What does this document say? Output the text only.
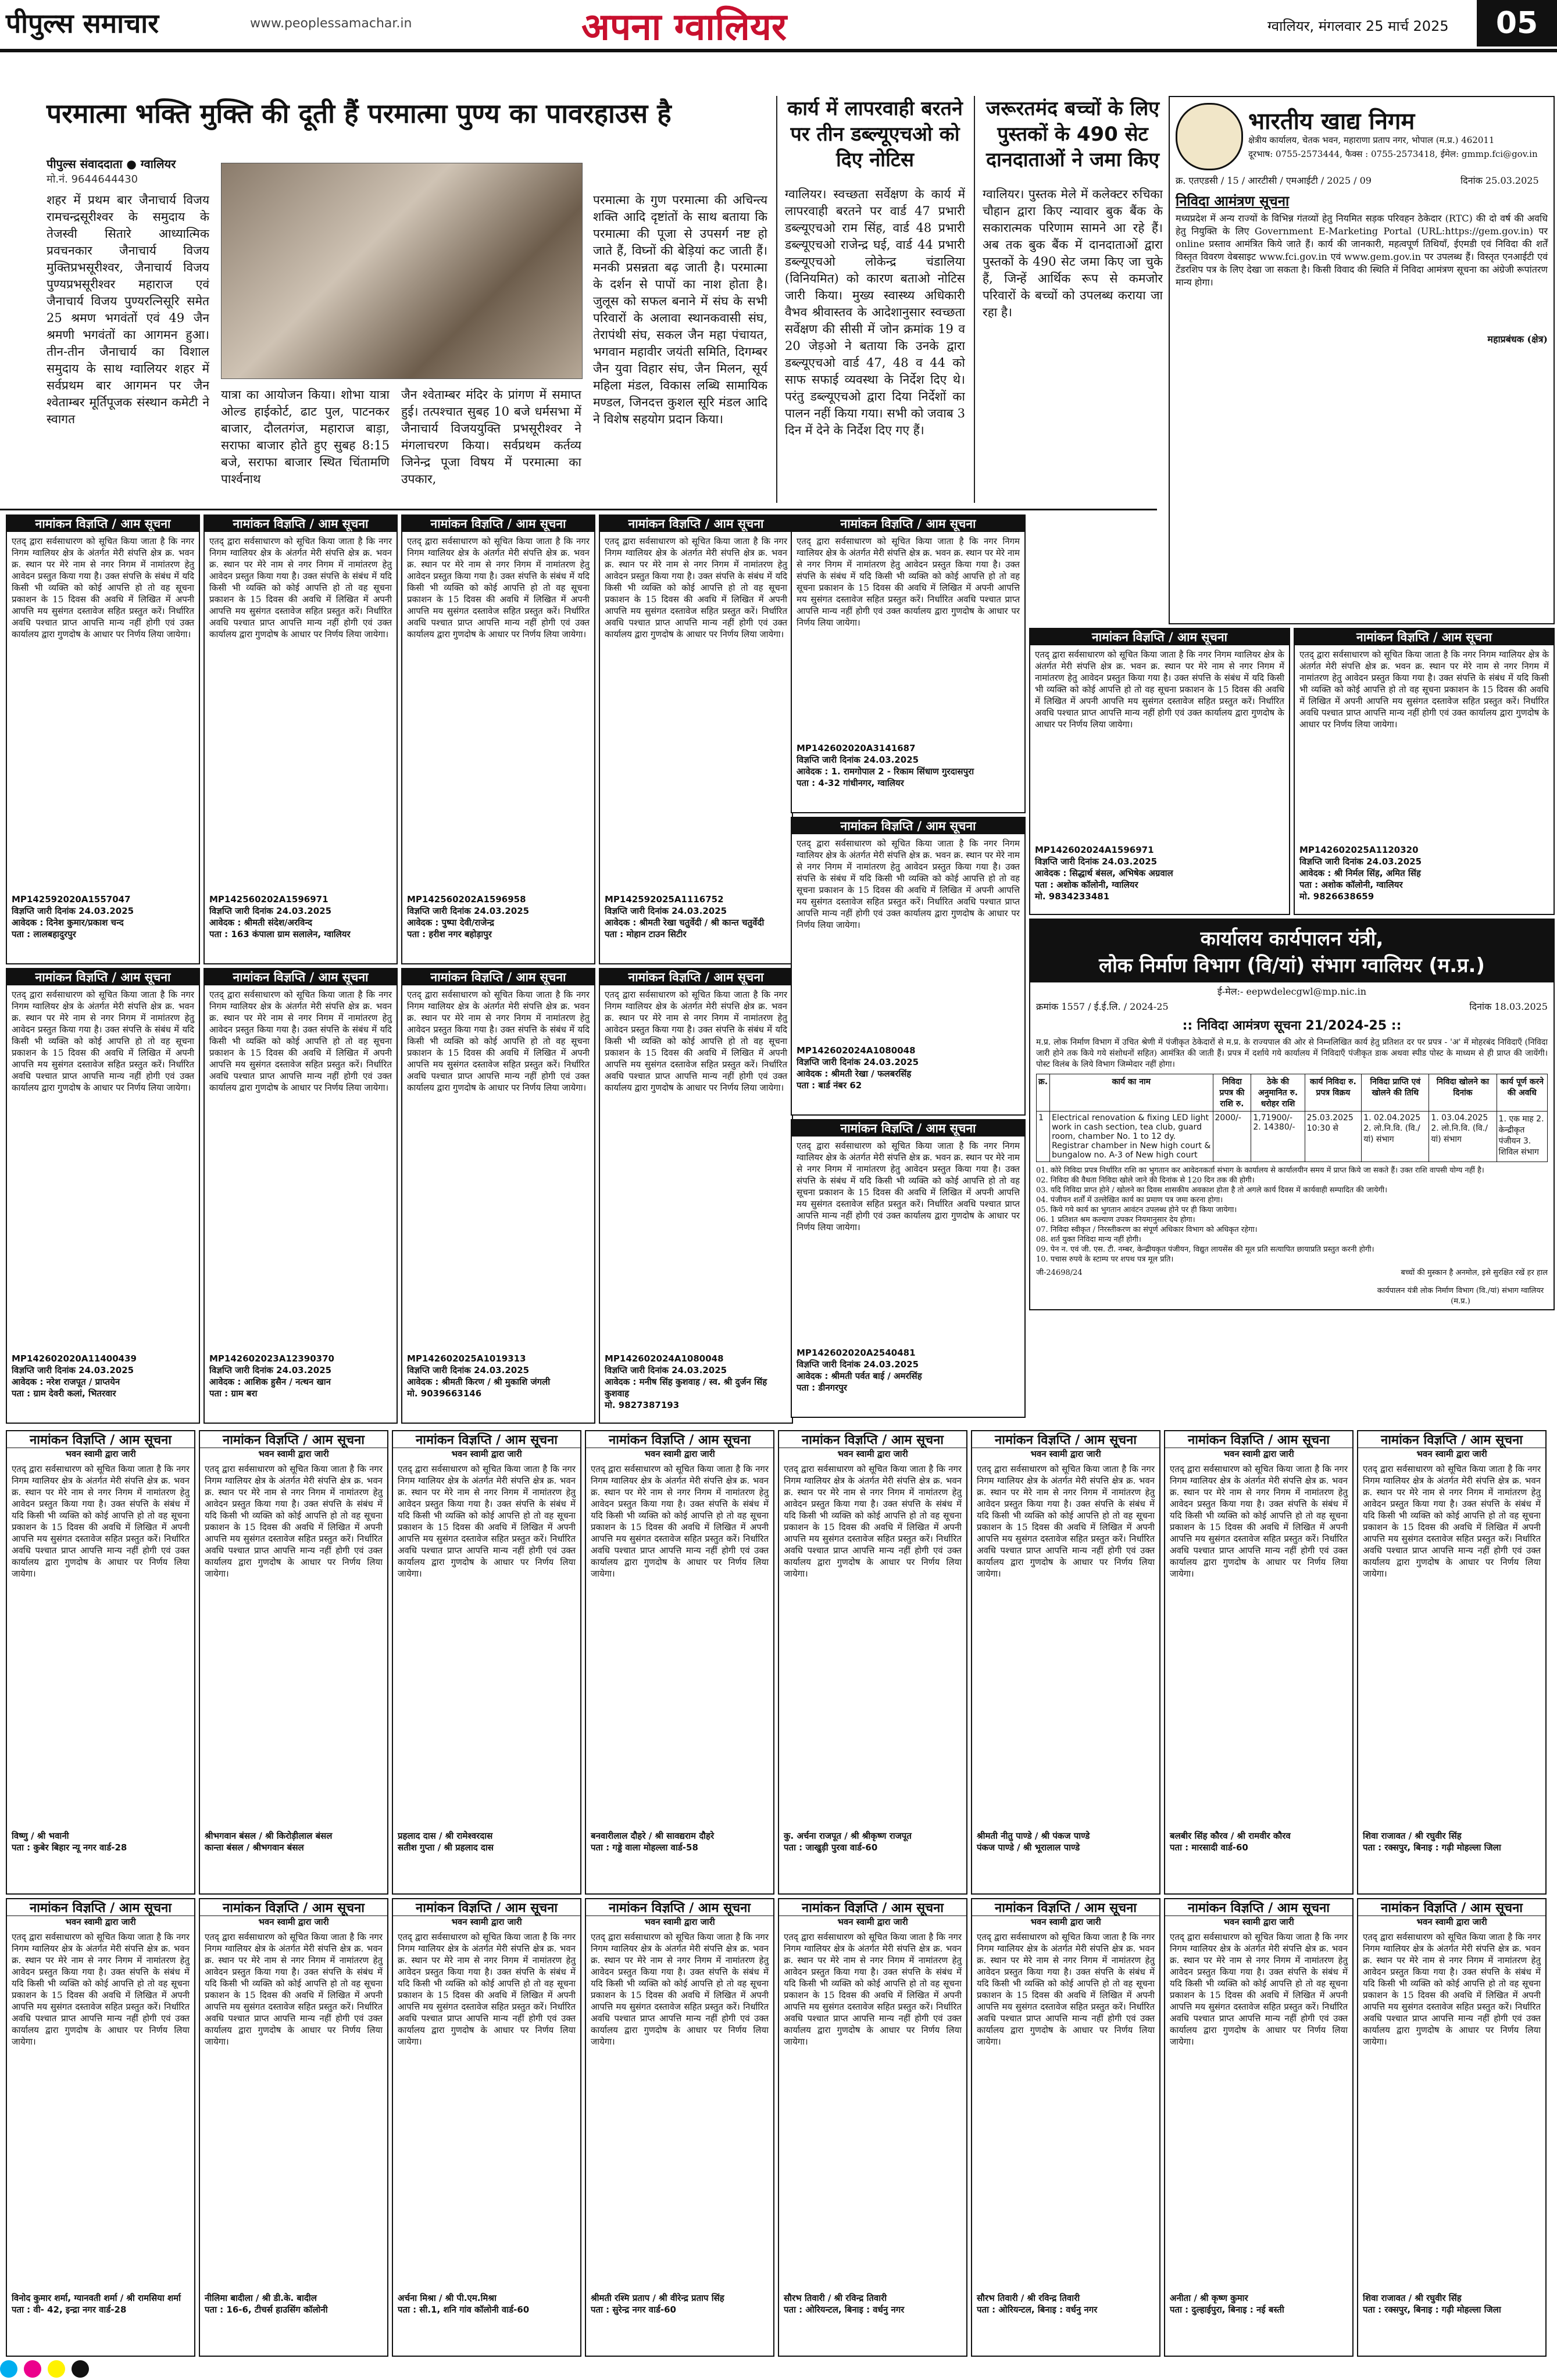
पीपुल्स समाचार	www.peoplessamachar.in	अपना ग्वालियर	ग्वालियर, मंगलवार 25 मार्च 2025	05
परमात्मा भक्ति मुक्ति की दूती हैं परमात्मा पुण्य का पावरहाउस है
पीपुल्स संवाददाता ● ग्वालियर
मो.नं. 9644644430
शहर में प्रथम बार जैनाचार्य विजय रामचन्द्रसूरीश्वर के समुदाय के तेजस्वी सितारे आध्यात्मिक प्रवचनकार जैनाचार्य विजय मुक्तिप्रभसूरीश्वर, जैनाचार्य विजय पुण्यप्रभसूरीश्वर महाराज एवं जैनाचार्य विजय पुण्यरत्निसूरि समेत 25 श्रमण भगवंतों एवं 49 जैन श्रमणी भगवंतों का आगमन हुआ। तीन-तीन जैनाचार्य का विशाल समुदाय के साथ ग्वालियर शहर में सर्वप्रथम बार आगमन पर जैन श्वेताम्बर मूर्तिपूजक संस्थान कमेटी ने स्वागत
यात्रा का आयोजन किया। शोभा यात्रा ओल्ड हाईकोर्ट, ढाट पुल, पाटनकर बाजार, दौलतगंज, महाराज बाड़ा, सराफा बाजार होते हुए सुबह 8:15 बजे, सराफा बाजार स्थित चिंतामणि पार्श्वनाथ
जैन श्वेताम्बर मंदिर के प्रांगण में समाप्त हुई। तत्पश्चात सुबह 10 बजे धर्मसभा में जैनाचार्य विजययुक्ति प्रभसूरीश्वर ने मंगलाचरण किया। सर्वप्रथम कर्तव्य जिनेन्द्र पूजा विषय में परमात्मा का उपकार,
परमात्मा के गुण परमात्मा की अचिन्त्य शक्ति आदि दृष्टांतों के साथ बताया कि परमात्मा की पूजा से उपसर्ग नष्ट हो जाते हैं, विघ्नों की बेड़ियां कट जाती हैं। मनकी प्रसन्नता बढ़ जाती है। परमात्मा के दर्शन से पापों का नाश होता है। जुलूस को सफल बनाने में संघ के सभी परिवारों के अलावा स्थानकवासी संघ, तेरापंथी संघ, सकल जैन महा पंचायत, भगवान महावीर जयंती समिति, दिगम्बर जैन युवा विहार संघ, जैन मिलन, सूर्य महिला मंडल, विकास लब्धि सामायिक मण्डल, जिनदत्त कुशल सूरि मंडल आदि ने विशेष सहयोग प्रदान किया।
कार्य में लापरवाही बरतने पर तीन डब्ल्यूएचओ को दिए नोटिस
ग्वालियर। स्वच्छता सर्वेक्षण के कार्य में लापरवाही बरतने पर वार्ड 47 प्रभारी डब्ल्यूएचओ राम सिंह, वार्ड 48 प्रभारी डब्ल्यूएचओ राजेन्द्र घई, वार्ड 44 प्रभारी डब्ल्यूएचओ लोकेन्द्र चंडालिया (विनियमित) को कारण बताओ नोटिस जारी किया। मुख्य स्वास्थ्य अधिकारी वैभव श्रीवास्तव के आदेशानुसार स्वच्छता सर्वेक्षण की सीसी में जोन क्रमांक 19 व 20 जेड़ओ ने बताया कि उनके द्वारा डब्ल्यूएचओ वार्ड 47, 48 व 44 को साफ सफाई व्यवस्था के निर्देश दिए थे। परंतु डब्ल्यूएचओ द्वारा दिया निर्देशों का पालन नहीं किया गया। सभी को जवाब 3 दिन में देने के निर्देश दिए गए हैं।
जरूरतमंद बच्चों के लिए पुस्तकों के 490 सेट दानदाताओं ने जमा किए
ग्वालियर। पुस्तक मेले में कलेक्टर रुचिका चौहान द्वारा किए न्यावार बुक बैंक के सकारात्मक परिणाम सामने आ रहे हैं। अब तक बुक बैंक में दानदाताओं द्वारा पुस्तकों के 490 सेट जमा किए जा चुके हैं, जिन्हें आर्थिक रूप से कमजोर परिवारों के बच्चों को उपलब्ध कराया जा रहा है।
भारतीय खाद्य निगम
क्षेत्रीय कार्यालय, चेतक भवन, महाराणा प्रताप नगर, भोपाल (म.प्र.) 462011
दूरभाष: 0755-2573444, फैक्स : 0755-2573418, ईमेल: gmmp.fci@gov.in
क्र. एतएडसी / 15 / आरटीसी / एमआईटी / 2025 / 09	दिनांक 25.03.2025
निविदा आमंत्रण सूचना
मध्यप्रदेश में अन्य राज्यों के विभिन्न गंतव्यों हेतु नियमित सड़क परिवहन ठेकेदार (RTC) की दो वर्ष की अवधि हेतु नियुक्ति के लिए Government E-Marketing Portal (URL:https://gem.gov.in) पर online प्रस्ताव आमंत्रित किये जाते हैं। कार्य की जानकारी, महत्वपूर्ण तिथियाँ, ईएमडी एवं निविदा की शर्तें विस्तृत विवरण वेबसाइट www.fci.gov.in एवं www.gem.gov.in पर उपलब्ध हैं। विस्तृत एनआईटी एवं टेंडरशिप पत्र के लिए देखा जा सकता है। किसी विवाद की स्थिति में निविदा आमंत्रण सूचना का अंग्रेजी रूपांतरण मान्य होगा।
महाप्रबंधक (क्षेत्र)
कार्यालय कार्यपालन यंत्री,
लोक निर्माण विभाग (वि/यां) संभाग ग्वालियर (म.प्र.)
ई-मेल:- eepwdelecgwl@mp.nic.in
क्रमांक 1557 / ई.ई.लि. / 2024-25	दिनांक 18.03.2025
:: निविदा आमंत्रण सूचना 21/2024-25 ::
म.प्र. लोक निर्माण विभाग में उचित श्रेणी में पंजीकृत ठेकेदारों से म.प्र. के राज्यपाल की ओर से निम्नलिखित कार्य हेतु प्रतिशत दर पर प्रपत्र - 'अ' में मोहरबंद निविदाएँ (निविदा जारी होने तक किये गये संशोधनों सहित) आमंत्रित की जाती हैं। प्रपत्र में दर्शाये गये कार्यालय में निविदाएँ पंजीकृत डाक अथवा स्पीड पोस्ट के माध्यम से ही प्राप्त की जायेंगी। पोस्ट विलंब के लिये विभाग जिम्मेदार नहीं होगा।
क्र.	कार्य का नाम	निविदा प्रपत्र की राशि रु.	ठेके की अनुमानित रु. धरोहर राशि	कार्य निविदा रु. प्रपत्र विक्रय	निविदा प्राप्ति एवं खोलने की तिथि	निविदा खोलने का दिनांक	कार्य पूर्ण करने की अवधि
1	Electrical renovation & fixing LED light work in cash section, tea club, guard room, chamber No. 1 to 12 dy. Registrar chamber in New high court & bungalow no. A-3 of New high court	2000/-	1,71900/- 2. 14380/-	25.03.2025 10:30 से	1. 02.04.2025 2. लो.नि.वि. (वि./ यां) संभाग	1. 03.04.2025 2. लो.नि.वि. (वि./ यां) संभाग	1. एक माह 2. केन्द्रीकृत पंजीयन 3. शिविल संभाग
01. कोरे निविदा प्रपत्र निर्धारित राशि का भुगतान कर आवेदनकर्ता संभाग के कार्यालय से कार्यालयीन समय में प्राप्त किये जा सकते हैं। उक्त राशि वापसी योग्य नहीं है।
02. निविदा की वैधता निविदा खोले जाने की दिनांक से 120 दिन तक की होगी।
03. यदि निविदा प्राप्त होने / खोलने का दिवस शासकीय अवकाश होता है तो अगले कार्य दिवस में कार्यवाही सम्पादित की जायेगी।
04. पंजीयन शर्तों में उल्लेखित कार्य का प्रमाण पत्र जमा करना होगा।
05. किये गये कार्य का भुगतान आवंटन उपलब्ध होने पर ही किया जायेगा।
06. 1 प्रतिशत श्रम कल्याण उपकर नियमानुसार देय होगा।
07. निविदा स्वीकृत / निरस्तीकरण का संपूर्ण अधिकार विभाग को अधिकृत रहेगा।
08. शर्त युक्त निविदा मान्य नहीं होगी।
09. पेन न. एवं जी. एस. टी. नम्बर, केन्द्रीयकृत पंजीयन, विद्युत लायसेंस की मूल प्रति सत्यापित छायाप्रति प्रस्तुत करनी होगी।
10. पचास रुपये के स्टाम्प पर शपथ पत्र मूल प्रति।
जी-24698/24	बच्चों की मुस्कान है अनमोल, इसे सुरक्षित रखें हर हाल
कार्यपालन यंत्री लोक निर्माण विभाग (वि./यां) संभाग ग्वालियर (म.प्र.)

नामांकन विज्ञप्ति / आम सूचना
एतद् द्वारा सर्वसाधारण को सूचित किया जाता है कि नगर निगम ग्वालियर क्षेत्र के अंतर्गत मेरी संपत्ति क्षेत्र क्र. भवन क्र. स्थान पर मेरे नाम से नगर निगम में नामांतरण हेतु आवेदन प्रस्तुत किया गया है। उक्त संपत्ति के संबंध में यदि किसी भी व्यक्ति को कोई आपत्ति हो तो वह सूचना प्रकाशन के 15 दिवस की अवधि में लिखित में अपनी आपत्ति मय सुसंगत दस्तावेज सहित प्रस्तुत करें। निर्धारित अवधि पश्चात प्राप्त आपत्ति मान्य नहीं होगी एवं उक्त कार्यालय द्वारा गुणदोष के आधार पर निर्णय लिया जायेगा।
MP142592020A1557047
विज्ञप्ति जारी दिनांक 24.03.2025
आवेदक : दिनेश कुमार/प्रकाश चन्द
पता : लालबहादुरपुर
नामांकन विज्ञप्ति / आम सूचना
एतद् द्वारा सर्वसाधारण को सूचित किया जाता है कि नगर निगम ग्वालियर क्षेत्र के अंतर्गत मेरी संपत्ति क्षेत्र क्र. भवन क्र. स्थान पर मेरे नाम से नगर निगम में नामांतरण हेतु आवेदन प्रस्तुत किया गया है। उक्त संपत्ति के संबंध में यदि किसी भी व्यक्ति को कोई आपत्ति हो तो वह सूचना प्रकाशन के 15 दिवस की अवधि में लिखित में अपनी आपत्ति मय सुसंगत दस्तावेज सहित प्रस्तुत करें। निर्धारित अवधि पश्चात प्राप्त आपत्ति मान्य नहीं होगी एवं उक्त कार्यालय द्वारा गुणदोष के आधार पर निर्णय लिया जायेगा।
MP142560202A1596971
विज्ञप्ति जारी दिनांक 24.03.2025
आवेदक : श्रीमती संदेश/अरविन्द
पता : 163 कंपाला ग्राम सलालेन, ग्वालियर
नामांकन विज्ञप्ति / आम सूचना
एतद् द्वारा सर्वसाधारण को सूचित किया जाता है कि नगर निगम ग्वालियर क्षेत्र के अंतर्गत मेरी संपत्ति क्षेत्र क्र. भवन क्र. स्थान पर मेरे नाम से नगर निगम में नामांतरण हेतु आवेदन प्रस्तुत किया गया है। उक्त संपत्ति के संबंध में यदि किसी भी व्यक्ति को कोई आपत्ति हो तो वह सूचना प्रकाशन के 15 दिवस की अवधि में लिखित में अपनी आपत्ति मय सुसंगत दस्तावेज सहित प्रस्तुत करें। निर्धारित अवधि पश्चात प्राप्त आपत्ति मान्य नहीं होगी एवं उक्त कार्यालय द्वारा गुणदोष के आधार पर निर्णय लिया जायेगा।
MP142560202A1596958
विज्ञप्ति जारी दिनांक 24.03.2025
आवेदक : पुष्पा देवी/राजेन्द्र
पता : हरीश नगर बहोड़ापुर
नामांकन विज्ञप्ति / आम सूचना
एतद् द्वारा सर्वसाधारण को सूचित किया जाता है कि नगर निगम ग्वालियर क्षेत्र के अंतर्गत मेरी संपत्ति क्षेत्र क्र. भवन क्र. स्थान पर मेरे नाम से नगर निगम में नामांतरण हेतु आवेदन प्रस्तुत किया गया है। उक्त संपत्ति के संबंध में यदि किसी भी व्यक्ति को कोई आपत्ति हो तो वह सूचना प्रकाशन के 15 दिवस की अवधि में लिखित में अपनी आपत्ति मय सुसंगत दस्तावेज सहित प्रस्तुत करें। निर्धारित अवधि पश्चात प्राप्त आपत्ति मान्य नहीं होगी एवं उक्त कार्यालय द्वारा गुणदोष के आधार पर निर्णय लिया जायेगा।
MP142592025A1116752
विज्ञप्ति जारी दिनांक 24.03.2025
आवेदक : श्रीमती रेखा चतुर्वेदी / श्री कान्त चतुर्वेदी
पता : मोहान टाउन सिटीर
नामांकन विज्ञप्ति / आम सूचना
एतद् द्वारा सर्वसाधारण को सूचित किया जाता है कि नगर निगम ग्वालियर क्षेत्र के अंतर्गत मेरी संपत्ति क्षेत्र क्र. भवन क्र. स्थान पर मेरे नाम से नगर निगम में नामांतरण हेतु आवेदन प्रस्तुत किया गया है। उक्त संपत्ति के संबंध में यदि किसी भी व्यक्ति को कोई आपत्ति हो तो वह सूचना प्रकाशन के 15 दिवस की अवधि में लिखित में अपनी आपत्ति मय सुसंगत दस्तावेज सहित प्रस्तुत करें। निर्धारित अवधि पश्चात प्राप्त आपत्ति मान्य नहीं होगी एवं उक्त कार्यालय द्वारा गुणदोष के आधार पर निर्णय लिया जायेगा।
MP142602020A11400439
विज्ञप्ति जारी दिनांक 24.03.2025
आवेदक : नरेश राजपूत / प्राप्तयेन
पता : ग्राम देवरी कलां, भितरवार
नामांकन विज्ञप्ति / आम सूचना
एतद् द्वारा सर्वसाधारण को सूचित किया जाता है कि नगर निगम ग्वालियर क्षेत्र के अंतर्गत मेरी संपत्ति क्षेत्र क्र. भवन क्र. स्थान पर मेरे नाम से नगर निगम में नामांतरण हेतु आवेदन प्रस्तुत किया गया है। उक्त संपत्ति के संबंध में यदि किसी भी व्यक्ति को कोई आपत्ति हो तो वह सूचना प्रकाशन के 15 दिवस की अवधि में लिखित में अपनी आपत्ति मय सुसंगत दस्तावेज सहित प्रस्तुत करें। निर्धारित अवधि पश्चात प्राप्त आपत्ति मान्य नहीं होगी एवं उक्त कार्यालय द्वारा गुणदोष के आधार पर निर्णय लिया जायेगा।
MP142602023A12390370
विज्ञप्ति जारी दिनांक 24.03.2025
आवेदक : आशिक हुसैन / नत्थन खान
पता : ग्राम बरा
नामांकन विज्ञप्ति / आम सूचना
एतद् द्वारा सर्वसाधारण को सूचित किया जाता है कि नगर निगम ग्वालियर क्षेत्र के अंतर्गत मेरी संपत्ति क्षेत्र क्र. भवन क्र. स्थान पर मेरे नाम से नगर निगम में नामांतरण हेतु आवेदन प्रस्तुत किया गया है। उक्त संपत्ति के संबंध में यदि किसी भी व्यक्ति को कोई आपत्ति हो तो वह सूचना प्रकाशन के 15 दिवस की अवधि में लिखित में अपनी आपत्ति मय सुसंगत दस्तावेज सहित प्रस्तुत करें। निर्धारित अवधि पश्चात प्राप्त आपत्ति मान्य नहीं होगी एवं उक्त कार्यालय द्वारा गुणदोष के आधार पर निर्णय लिया जायेगा।
MP142602025A1019313
विज्ञप्ति जारी दिनांक 24.03.2025
आवेदक : श्रीमती किरण / श्री मुकाशि जंगली
मो. 9039663146
नामांकन विज्ञप्ति / आम सूचना
एतद् द्वारा सर्वसाधारण को सूचित किया जाता है कि नगर निगम ग्वालियर क्षेत्र के अंतर्गत मेरी संपत्ति क्षेत्र क्र. भवन क्र. स्थान पर मेरे नाम से नगर निगम में नामांतरण हेतु आवेदन प्रस्तुत किया गया है। उक्त संपत्ति के संबंध में यदि किसी भी व्यक्ति को कोई आपत्ति हो तो वह सूचना प्रकाशन के 15 दिवस की अवधि में लिखित में अपनी आपत्ति मय सुसंगत दस्तावेज सहित प्रस्तुत करें। निर्धारित अवधि पश्चात प्राप्त आपत्ति मान्य नहीं होगी एवं उक्त कार्यालय द्वारा गुणदोष के आधार पर निर्णय लिया जायेगा।
MP142602024A1080048
विज्ञप्ति जारी दिनांक 24.03.2025
आवेदक : मनीष सिंह कुशवाह / स्व. श्री दुर्जन सिंह कुशवाह
मो. 9827387193
नामांकन विज्ञप्ति / आम सूचना
एतद् द्वारा सर्वसाधारण को सूचित किया जाता है कि नगर निगम ग्वालियर क्षेत्र के अंतर्गत मेरी संपत्ति क्षेत्र क्र. भवन क्र. स्थान पर मेरे नाम से नगर निगम में नामांतरण हेतु आवेदन प्रस्तुत किया गया है। उक्त संपत्ति के संबंध में यदि किसी भी व्यक्ति को कोई आपत्ति हो तो वह सूचना प्रकाशन के 15 दिवस की अवधि में लिखित में अपनी आपत्ति मय सुसंगत दस्तावेज सहित प्रस्तुत करें। निर्धारित अवधि पश्चात प्राप्त आपत्ति मान्य नहीं होगी एवं उक्त कार्यालय द्वारा गुणदोष के आधार पर निर्णय लिया जायेगा।
MP142602020A3141687
विज्ञप्ति जारी दिनांक 24.03.2025
आवेदक : 1. रामगोपाल 2 - रिकाम सिंधाण गुरदासपुरा
पता : 4-32 गांधीनगर, ग्वालियर
नामांकन विज्ञप्ति / आम सूचना
एतद् द्वारा सर्वसाधारण को सूचित किया जाता है कि नगर निगम ग्वालियर क्षेत्र के अंतर्गत मेरी संपत्ति क्षेत्र क्र. भवन क्र. स्थान पर मेरे नाम से नगर निगम में नामांतरण हेतु आवेदन प्रस्तुत किया गया है। उक्त संपत्ति के संबंध में यदि किसी भी व्यक्ति को कोई आपत्ति हो तो वह सूचना प्रकाशन के 15 दिवस की अवधि में लिखित में अपनी आपत्ति मय सुसंगत दस्तावेज सहित प्रस्तुत करें। निर्धारित अवधि पश्चात प्राप्त आपत्ति मान्य नहीं होगी एवं उक्त कार्यालय द्वारा गुणदोष के आधार पर निर्णय लिया जायेगा।
MP142602024A1080048
विज्ञप्ति जारी दिनांक 24.03.2025
आवेदक : श्रीमती रेखा / फलबरसिंह
पता : बार्ड नंबर 62
नामांकन विज्ञप्ति / आम सूचना
एतद् द्वारा सर्वसाधारण को सूचित किया जाता है कि नगर निगम ग्वालियर क्षेत्र के अंतर्गत मेरी संपत्ति क्षेत्र क्र. भवन क्र. स्थान पर मेरे नाम से नगर निगम में नामांतरण हेतु आवेदन प्रस्तुत किया गया है। उक्त संपत्ति के संबंध में यदि किसी भी व्यक्ति को कोई आपत्ति हो तो वह सूचना प्रकाशन के 15 दिवस की अवधि में लिखित में अपनी आपत्ति मय सुसंगत दस्तावेज सहित प्रस्तुत करें। निर्धारित अवधि पश्चात प्राप्त आपत्ति मान्य नहीं होगी एवं उक्त कार्यालय द्वारा गुणदोष के आधार पर निर्णय लिया जायेगा।
MP142602020A2540481
विज्ञप्ति जारी दिनांक 24.03.2025
आवेदक : श्रीमती पर्वत बाई / अमरसिंह
पता : डीनगरपुर
नामांकन विज्ञप्ति / आम सूचना
एतद् द्वारा सर्वसाधारण को सूचित किया जाता है कि नगर निगम ग्वालियर क्षेत्र के अंतर्गत मेरी संपत्ति क्षेत्र क्र. भवन क्र. स्थान पर मेरे नाम से नगर निगम में नामांतरण हेतु आवेदन प्रस्तुत किया गया है। उक्त संपत्ति के संबंध में यदि किसी भी व्यक्ति को कोई आपत्ति हो तो वह सूचना प्रकाशन के 15 दिवस की अवधि में लिखित में अपनी आपत्ति मय सुसंगत दस्तावेज सहित प्रस्तुत करें। निर्धारित अवधि पश्चात प्राप्त आपत्ति मान्य नहीं होगी एवं उक्त कार्यालय द्वारा गुणदोष के आधार पर निर्णय लिया जायेगा।
MP142602024A1596971
विज्ञप्ति जारी दिनांक 24.03.2025
आवेदक : सिद्धार्थ बंसल, अभिषेक अग्रवाल
पता : अशोक कॉलोनी, ग्वालियर
मो. 9834233481
नामांकन विज्ञप्ति / आम सूचना
एतद् द्वारा सर्वसाधारण को सूचित किया जाता है कि नगर निगम ग्वालियर क्षेत्र के अंतर्गत मेरी संपत्ति क्षेत्र क्र. भवन क्र. स्थान पर मेरे नाम से नगर निगम में नामांतरण हेतु आवेदन प्रस्तुत किया गया है। उक्त संपत्ति के संबंध में यदि किसी भी व्यक्ति को कोई आपत्ति हो तो वह सूचना प्रकाशन के 15 दिवस की अवधि में लिखित में अपनी आपत्ति मय सुसंगत दस्तावेज सहित प्रस्तुत करें। निर्धारित अवधि पश्चात प्राप्त आपत्ति मान्य नहीं होगी एवं उक्त कार्यालय द्वारा गुणदोष के आधार पर निर्णय लिया जायेगा।
MP142602025A1120320
विज्ञप्ति जारी दिनांक 24.03.2025
आवेदक : श्री निर्मल सिंह, अमित सिंह
पता : अशोक कॉलोनी, ग्वालियर
मो. 9826638659
नामांकन विज्ञप्ति / आम सूचना
भवन स्वामी द्वारा जारी
एतद् द्वारा सर्वसाधारण को सूचित किया जाता है कि नगर निगम ग्वालियर क्षेत्र के अंतर्गत मेरी संपत्ति क्षेत्र क्र. भवन क्र. स्थान पर मेरे नाम से नगर निगम में नामांतरण हेतु आवेदन प्रस्तुत किया गया है। उक्त संपत्ति के संबंध में यदि किसी भी व्यक्ति को कोई आपत्ति हो तो वह सूचना प्रकाशन के 15 दिवस की अवधि में लिखित में अपनी आपत्ति मय सुसंगत दस्तावेज सहित प्रस्तुत करें। निर्धारित अवधि पश्चात प्राप्त आपत्ति मान्य नहीं होगी एवं उक्त कार्यालय द्वारा गुणदोष के आधार पर निर्णय लिया जायेगा।
विष्णु / श्री भवानी
पता : कुबेर बिहार न्यू नगर वार्ड-28
नामांकन विज्ञप्ति / आम सूचना
भवन स्वामी द्वारा जारी
एतद् द्वारा सर्वसाधारण को सूचित किया जाता है कि नगर निगम ग्वालियर क्षेत्र के अंतर्गत मेरी संपत्ति क्षेत्र क्र. भवन क्र. स्थान पर मेरे नाम से नगर निगम में नामांतरण हेतु आवेदन प्रस्तुत किया गया है। उक्त संपत्ति के संबंध में यदि किसी भी व्यक्ति को कोई आपत्ति हो तो वह सूचना प्रकाशन के 15 दिवस की अवधि में लिखित में अपनी आपत्ति मय सुसंगत दस्तावेज सहित प्रस्तुत करें। निर्धारित अवधि पश्चात प्राप्त आपत्ति मान्य नहीं होगी एवं उक्त कार्यालय द्वारा गुणदोष के आधार पर निर्णय लिया जायेगा।
श्रीभगवान बंसल / श्री किरोड़ीलाल बंसल
कान्ता बंसल / श्रीभगवान बंसल
नामांकन विज्ञप्ति / आम सूचना
भवन स्वामी द्वारा जारी
एतद् द्वारा सर्वसाधारण को सूचित किया जाता है कि नगर निगम ग्वालियर क्षेत्र के अंतर्गत मेरी संपत्ति क्षेत्र क्र. भवन क्र. स्थान पर मेरे नाम से नगर निगम में नामांतरण हेतु आवेदन प्रस्तुत किया गया है। उक्त संपत्ति के संबंध में यदि किसी भी व्यक्ति को कोई आपत्ति हो तो वह सूचना प्रकाशन के 15 दिवस की अवधि में लिखित में अपनी आपत्ति मय सुसंगत दस्तावेज सहित प्रस्तुत करें। निर्धारित अवधि पश्चात प्राप्त आपत्ति मान्य नहीं होगी एवं उक्त कार्यालय द्वारा गुणदोष के आधार पर निर्णय लिया जायेगा।
प्रहलाद दास / श्री रामेश्वरदास
सतीश गुप्ता / श्री प्रहलाद दास
नामांकन विज्ञप्ति / आम सूचना
भवन स्वामी द्वारा जारी
एतद् द्वारा सर्वसाधारण को सूचित किया जाता है कि नगर निगम ग्वालियर क्षेत्र के अंतर्गत मेरी संपत्ति क्षेत्र क्र. भवन क्र. स्थान पर मेरे नाम से नगर निगम में नामांतरण हेतु आवेदन प्रस्तुत किया गया है। उक्त संपत्ति के संबंध में यदि किसी भी व्यक्ति को कोई आपत्ति हो तो वह सूचना प्रकाशन के 15 दिवस की अवधि में लिखित में अपनी आपत्ति मय सुसंगत दस्तावेज सहित प्रस्तुत करें। निर्धारित अवधि पश्चात प्राप्त आपत्ति मान्य नहीं होगी एवं उक्त कार्यालय द्वारा गुणदोष के आधार पर निर्णय लिया जायेगा।
बनवारीलाल दौहरे / श्री सावद्यराम दौहरे
पता : गड्डे वाला मोहल्ला वार्ड-58
नामांकन विज्ञप्ति / आम सूचना
भवन स्वामी द्वारा जारी
एतद् द्वारा सर्वसाधारण को सूचित किया जाता है कि नगर निगम ग्वालियर क्षेत्र के अंतर्गत मेरी संपत्ति क्षेत्र क्र. भवन क्र. स्थान पर मेरे नाम से नगर निगम में नामांतरण हेतु आवेदन प्रस्तुत किया गया है। उक्त संपत्ति के संबंध में यदि किसी भी व्यक्ति को कोई आपत्ति हो तो वह सूचना प्रकाशन के 15 दिवस की अवधि में लिखित में अपनी आपत्ति मय सुसंगत दस्तावेज सहित प्रस्तुत करें। निर्धारित अवधि पश्चात प्राप्त आपत्ति मान्य नहीं होगी एवं उक्त कार्यालय द्वारा गुणदोष के आधार पर निर्णय लिया जायेगा।
कु. अर्चना राजपूत / श्री श्रीकृष्ण राजपूत
पता : जाखुड़ी पुरवा वार्ड-60
नामांकन विज्ञप्ति / आम सूचना
भवन स्वामी द्वारा जारी
एतद् द्वारा सर्वसाधारण को सूचित किया जाता है कि नगर निगम ग्वालियर क्षेत्र के अंतर्गत मेरी संपत्ति क्षेत्र क्र. भवन क्र. स्थान पर मेरे नाम से नगर निगम में नामांतरण हेतु आवेदन प्रस्तुत किया गया है। उक्त संपत्ति के संबंध में यदि किसी भी व्यक्ति को कोई आपत्ति हो तो वह सूचना प्रकाशन के 15 दिवस की अवधि में लिखित में अपनी आपत्ति मय सुसंगत दस्तावेज सहित प्रस्तुत करें। निर्धारित अवधि पश्चात प्राप्त आपत्ति मान्य नहीं होगी एवं उक्त कार्यालय द्वारा गुणदोष के आधार पर निर्णय लिया जायेगा।
श्रीमती नीतु पाण्डे / श्री पंकज पाण्डे
पंकज पाण्डे / श्री भूरालाल पाण्डे
नामांकन विज्ञप्ति / आम सूचना
भवन स्वामी द्वारा जारी
एतद् द्वारा सर्वसाधारण को सूचित किया जाता है कि नगर निगम ग्वालियर क्षेत्र के अंतर्गत मेरी संपत्ति क्षेत्र क्र. भवन क्र. स्थान पर मेरे नाम से नगर निगम में नामांतरण हेतु आवेदन प्रस्तुत किया गया है। उक्त संपत्ति के संबंध में यदि किसी भी व्यक्ति को कोई आपत्ति हो तो वह सूचना प्रकाशन के 15 दिवस की अवधि में लिखित में अपनी आपत्ति मय सुसंगत दस्तावेज सहित प्रस्तुत करें। निर्धारित अवधि पश्चात प्राप्त आपत्ति मान्य नहीं होगी एवं उक्त कार्यालय द्वारा गुणदोष के आधार पर निर्णय लिया जायेगा।
बलबीर सिंह कौरव / श्री रामवीर कौरव
पता : मारसादी वार्ड-60
नामांकन विज्ञप्ति / आम सूचना
भवन स्वामी द्वारा जारी
एतद् द्वारा सर्वसाधारण को सूचित किया जाता है कि नगर निगम ग्वालियर क्षेत्र के अंतर्गत मेरी संपत्ति क्षेत्र क्र. भवन क्र. स्थान पर मेरे नाम से नगर निगम में नामांतरण हेतु आवेदन प्रस्तुत किया गया है। उक्त संपत्ति के संबंध में यदि किसी भी व्यक्ति को कोई आपत्ति हो तो वह सूचना प्रकाशन के 15 दिवस की अवधि में लिखित में अपनी आपत्ति मय सुसंगत दस्तावेज सहित प्रस्तुत करें। निर्धारित अवधि पश्चात प्राप्त आपत्ति मान्य नहीं होगी एवं उक्त कार्यालय द्वारा गुणदोष के आधार पर निर्णय लिया जायेगा।
शिवा राजावत / श्री रघुवीर सिंह
पता : रक्सपुर, बिनाइ : गढ़ी मोहल्ला जिला
नामांकन विज्ञप्ति / आम सूचना
भवन स्वामी द्वारा जारी
एतद् द्वारा सर्वसाधारण को सूचित किया जाता है कि नगर निगम ग्वालियर क्षेत्र के अंतर्गत मेरी संपत्ति क्षेत्र क्र. भवन क्र. स्थान पर मेरे नाम से नगर निगम में नामांतरण हेतु आवेदन प्रस्तुत किया गया है। उक्त संपत्ति के संबंध में यदि किसी भी व्यक्ति को कोई आपत्ति हो तो वह सूचना प्रकाशन के 15 दिवस की अवधि में लिखित में अपनी आपत्ति मय सुसंगत दस्तावेज सहित प्रस्तुत करें। निर्धारित अवधि पश्चात प्राप्त आपत्ति मान्य नहीं होगी एवं उक्त कार्यालय द्वारा गुणदोष के आधार पर निर्णय लिया जायेगा।
विनोद कुमार शर्मा, ग्यानवती शर्मा / श्री रामसिया शर्मा
पता : वी- 42, इन्द्रा नगर वार्ड-28
नामांकन विज्ञप्ति / आम सूचना
भवन स्वामी द्वारा जारी
एतद् द्वारा सर्वसाधारण को सूचित किया जाता है कि नगर निगम ग्वालियर क्षेत्र के अंतर्गत मेरी संपत्ति क्षेत्र क्र. भवन क्र. स्थान पर मेरे नाम से नगर निगम में नामांतरण हेतु आवेदन प्रस्तुत किया गया है। उक्त संपत्ति के संबंध में यदि किसी भी व्यक्ति को कोई आपत्ति हो तो वह सूचना प्रकाशन के 15 दिवस की अवधि में लिखित में अपनी आपत्ति मय सुसंगत दस्तावेज सहित प्रस्तुत करें। निर्धारित अवधि पश्चात प्राप्त आपत्ति मान्य नहीं होगी एवं उक्त कार्यालय द्वारा गुणदोष के आधार पर निर्णय लिया जायेगा।
नीलिमा बादीला / श्री डी.के. बादील
पता : 16-6, टीचर्स हाउसिंग कॉलोनी
नामांकन विज्ञप्ति / आम सूचना
भवन स्वामी द्वारा जारी
एतद् द्वारा सर्वसाधारण को सूचित किया जाता है कि नगर निगम ग्वालियर क्षेत्र के अंतर्गत मेरी संपत्ति क्षेत्र क्र. भवन क्र. स्थान पर मेरे नाम से नगर निगम में नामांतरण हेतु आवेदन प्रस्तुत किया गया है। उक्त संपत्ति के संबंध में यदि किसी भी व्यक्ति को कोई आपत्ति हो तो वह सूचना प्रकाशन के 15 दिवस की अवधि में लिखित में अपनी आपत्ति मय सुसंगत दस्तावेज सहित प्रस्तुत करें। निर्धारित अवधि पश्चात प्राप्त आपत्ति मान्य नहीं होगी एवं उक्त कार्यालय द्वारा गुणदोष के आधार पर निर्णय लिया जायेगा।
अर्चना मिश्रा / श्री पी.एम.मिश्रा
पता : सी.1, शनि गांव कॉलोनी वार्ड-60
नामांकन विज्ञप्ति / आम सूचना
भवन स्वामी द्वारा जारी
एतद् द्वारा सर्वसाधारण को सूचित किया जाता है कि नगर निगम ग्वालियर क्षेत्र के अंतर्गत मेरी संपत्ति क्षेत्र क्र. भवन क्र. स्थान पर मेरे नाम से नगर निगम में नामांतरण हेतु आवेदन प्रस्तुत किया गया है। उक्त संपत्ति के संबंध में यदि किसी भी व्यक्ति को कोई आपत्ति हो तो वह सूचना प्रकाशन के 15 दिवस की अवधि में लिखित में अपनी आपत्ति मय सुसंगत दस्तावेज सहित प्रस्तुत करें। निर्धारित अवधि पश्चात प्राप्त आपत्ति मान्य नहीं होगी एवं उक्त कार्यालय द्वारा गुणदोष के आधार पर निर्णय लिया जायेगा।
श्रीमती रश्मि प्रताप / श्री वीरेन्द्र प्रताप सिंह
पता : सुरेन्द्र नगर वार्ड-60
नामांकन विज्ञप्ति / आम सूचना
भवन स्वामी द्वारा जारी
एतद् द्वारा सर्वसाधारण को सूचित किया जाता है कि नगर निगम ग्वालियर क्षेत्र के अंतर्गत मेरी संपत्ति क्षेत्र क्र. भवन क्र. स्थान पर मेरे नाम से नगर निगम में नामांतरण हेतु आवेदन प्रस्तुत किया गया है। उक्त संपत्ति के संबंध में यदि किसी भी व्यक्ति को कोई आपत्ति हो तो वह सूचना प्रकाशन के 15 दिवस की अवधि में लिखित में अपनी आपत्ति मय सुसंगत दस्तावेज सहित प्रस्तुत करें। निर्धारित अवधि पश्चात प्राप्त आपत्ति मान्य नहीं होगी एवं उक्त कार्यालय द्वारा गुणदोष के आधार पर निर्णय लिया जायेगा।
सौरभ तिवारी / श्री रविन्द्र तिवारी
पता : ओरियन्टल, बिनाइ : वर्धनु नगर
नामांकन विज्ञप्ति / आम सूचना
भवन स्वामी द्वारा जारी
एतद् द्वारा सर्वसाधारण को सूचित किया जाता है कि नगर निगम ग्वालियर क्षेत्र के अंतर्गत मेरी संपत्ति क्षेत्र क्र. भवन क्र. स्थान पर मेरे नाम से नगर निगम में नामांतरण हेतु आवेदन प्रस्तुत किया गया है। उक्त संपत्ति के संबंध में यदि किसी भी व्यक्ति को कोई आपत्ति हो तो वह सूचना प्रकाशन के 15 दिवस की अवधि में लिखित में अपनी आपत्ति मय सुसंगत दस्तावेज सहित प्रस्तुत करें। निर्धारित अवधि पश्चात प्राप्त आपत्ति मान्य नहीं होगी एवं उक्त कार्यालय द्वारा गुणदोष के आधार पर निर्णय लिया जायेगा।
सौरभ तिवारी / श्री रविन्द्र तिवारी
पता : ओरियन्टल, बिनाइ : वर्धनु नगर
नामांकन विज्ञप्ति / आम सूचना
भवन स्वामी द्वारा जारी
एतद् द्वारा सर्वसाधारण को सूचित किया जाता है कि नगर निगम ग्वालियर क्षेत्र के अंतर्गत मेरी संपत्ति क्षेत्र क्र. भवन क्र. स्थान पर मेरे नाम से नगर निगम में नामांतरण हेतु आवेदन प्रस्तुत किया गया है। उक्त संपत्ति के संबंध में यदि किसी भी व्यक्ति को कोई आपत्ति हो तो वह सूचना प्रकाशन के 15 दिवस की अवधि में लिखित में अपनी आपत्ति मय सुसंगत दस्तावेज सहित प्रस्तुत करें। निर्धारित अवधि पश्चात प्राप्त आपत्ति मान्य नहीं होगी एवं उक्त कार्यालय द्वारा गुणदोष के आधार पर निर्णय लिया जायेगा।
अनीता / श्री कृष्ण कुमार
पता : दुल्हाईपुरा, बिनाइ : नई बस्ती
नामांकन विज्ञप्ति / आम सूचना
भवन स्वामी द्वारा जारी
एतद् द्वारा सर्वसाधारण को सूचित किया जाता है कि नगर निगम ग्वालियर क्षेत्र के अंतर्गत मेरी संपत्ति क्षेत्र क्र. भवन क्र. स्थान पर मेरे नाम से नगर निगम में नामांतरण हेतु आवेदन प्रस्तुत किया गया है। उक्त संपत्ति के संबंध में यदि किसी भी व्यक्ति को कोई आपत्ति हो तो वह सूचना प्रकाशन के 15 दिवस की अवधि में लिखित में अपनी आपत्ति मय सुसंगत दस्तावेज सहित प्रस्तुत करें। निर्धारित अवधि पश्चात प्राप्त आपत्ति मान्य नहीं होगी एवं उक्त कार्यालय द्वारा गुणदोष के आधार पर निर्णय लिया जायेगा।
शिवा राजावत / श्री रघुवीर सिंह
पता : रक्सपुर, बिनाइ : गढ़ी मोहल्ला जिला
